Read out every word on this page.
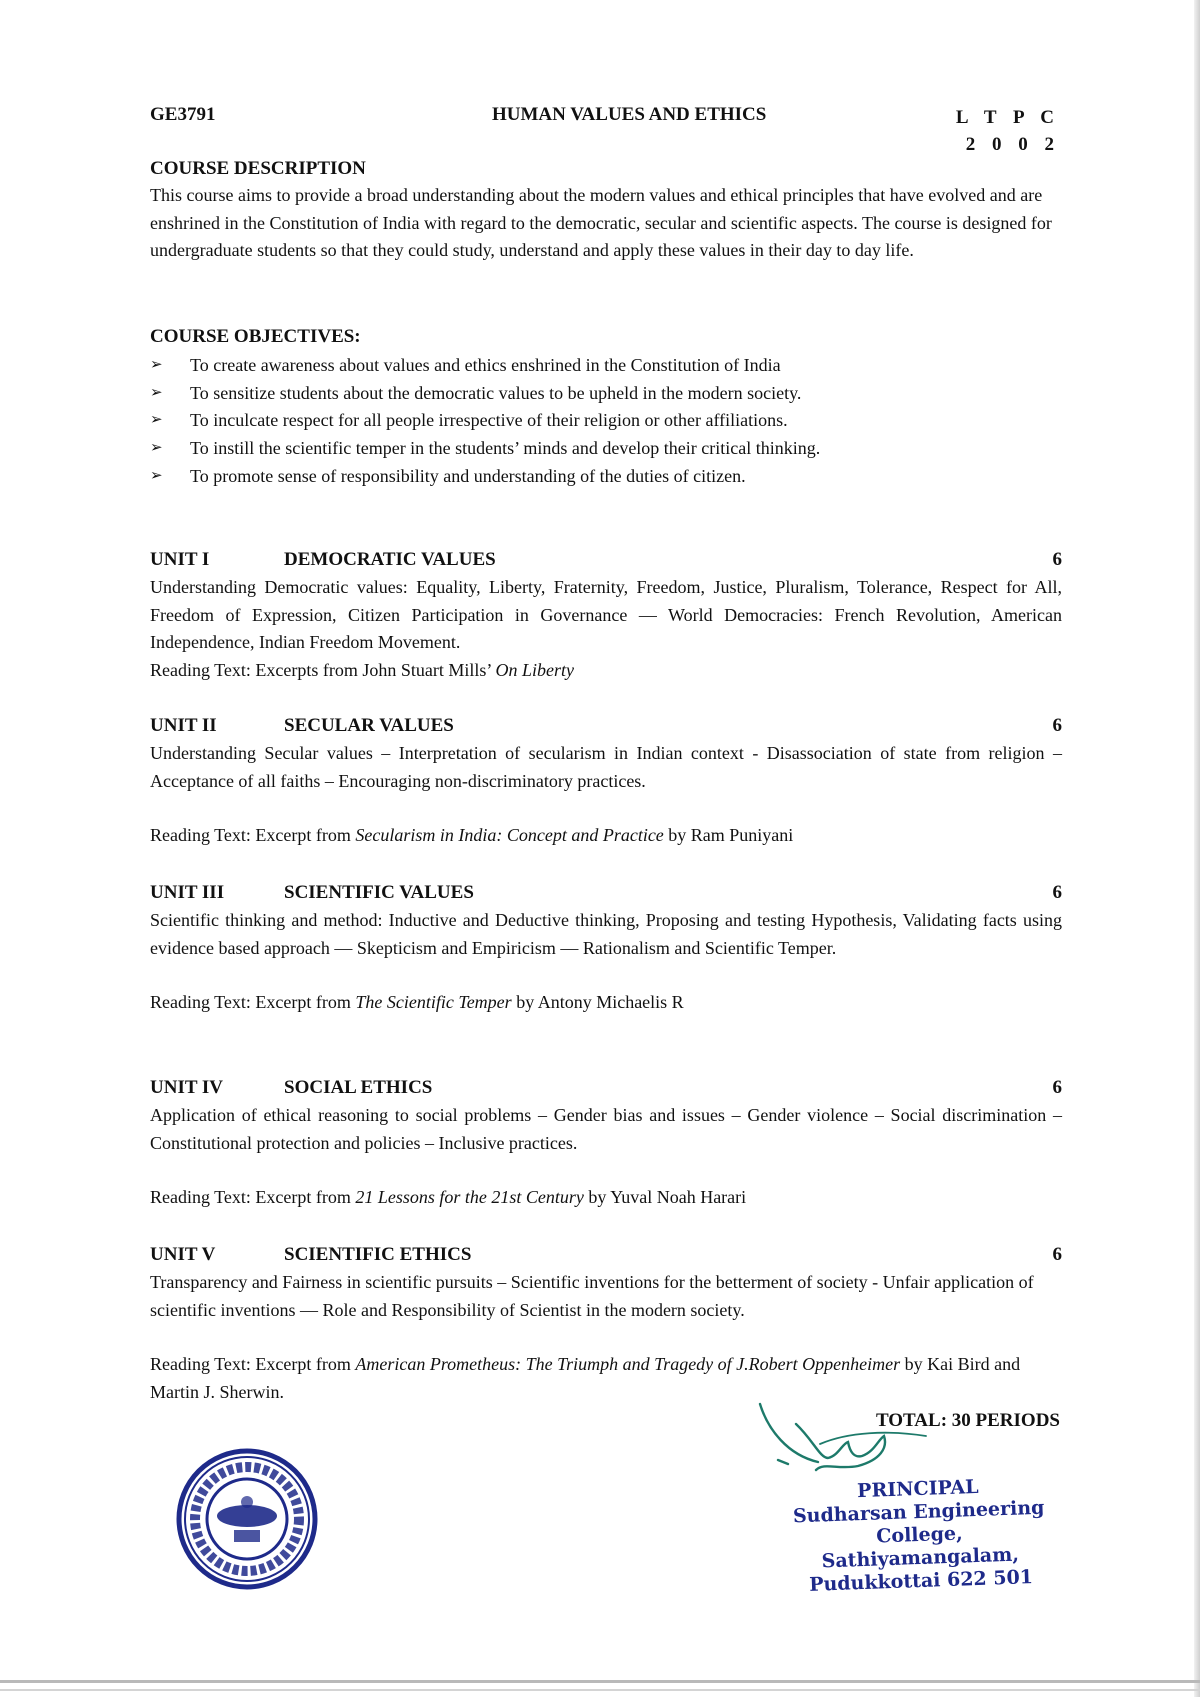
GE3791	HUMAN VALUES AND ETHICS	L T P C
2 0 0 2

COURSE DESCRIPTION

This course aims to provide a broad understanding about the modern values and ethical principles that have evolved and are enshrined in the Constitution of India with regard to the democratic, secular and scientific aspects. The course is designed for undergraduate students so that they could study, understand and apply these values in their day to day life.

COURSE OBJECTIVES:

➢ To create awareness about values and ethics enshrined in the Constitution of India
➢ To sensitize students about the democratic values to be upheld in the modern society.
➢ To inculcate respect for all people irrespective of their religion or other affiliations.
➢ To instill the scientific temper in the students’ minds and develop their critical thinking.
➢ To promote sense of responsibility and understanding of the duties of citizen.
UNIT I	DEMOCRATIC VALUES	6

Understanding Democratic values: Equality, Liberty, Fraternity, Freedom, Justice, Pluralism, Tolerance, Respect for All, Freedom of Expression, Citizen Participation in Governance — World Democracies: French Revolution, American Independence, Indian Freedom Movement.

Reading Text: Excerpts from John Stuart Mills’ On Liberty

UNIT II	SECULAR VALUES	6

Understanding Secular values – Interpretation of secularism in Indian context - Disassociation of state from religion – Acceptance of all faiths – Encouraging non-discriminatory practices.

Reading Text: Excerpt from Secularism in India: Concept and Practice by Ram Puniyani

UNIT III	SCIENTIFIC VALUES	6

Scientific thinking and method: Inductive and Deductive thinking, Proposing and testing Hypothesis, Validating facts using evidence based approach — Skepticism and Empiricism — Rationalism and Scientific Temper.

Reading Text: Excerpt from The Scientific Temper by Antony Michaelis R

UNIT IV	SOCIAL ETHICS	6

Application of ethical reasoning to social problems – Gender bias and issues – Gender violence – Social discrimination – Constitutional protection and policies – Inclusive practices.

Reading Text: Excerpt from 21 Lessons for the 21st Century by Yuval Noah Harari

UNIT V	SCIENTIFIC ETHICS	6

Transparency and Fairness in scientific pursuits – Scientific inventions for the betterment of society - Unfair application of scientific inventions — Role and Responsibility of Scientist in the modern society.

Reading Text: Excerpt from American Prometheus: The Triumph and Tragedy of J.Robert Oppenheimer by Kai Bird and Martin J. Sherwin.

TOTAL: 30 PERIODS
PRINCIPAL
Sudharsan Engineering College,
Sathiyamangalam,
Pudukkottai 622 501
